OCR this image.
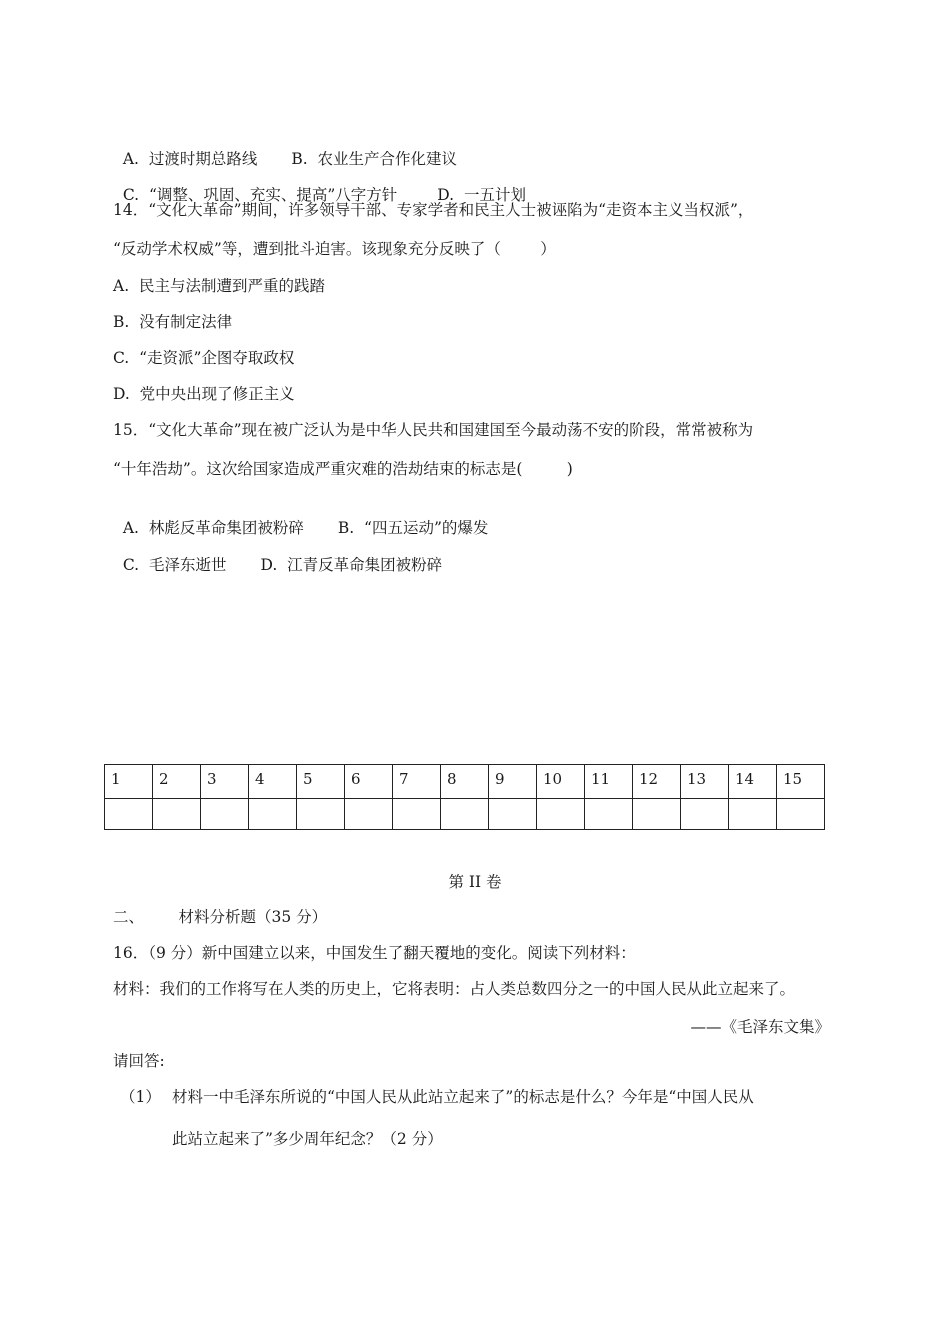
A.  过渡时期总路线 B.  农业生产合作化建议

C.  “调整、巩固、充实、提高”八字方针	D.  一五计划

14．“文化大革命”期间，许多领导干部、专家学者和民主人士被诬陷为“走资本主义当权派”，
“反动学术权威”等，遭到批斗迫害。该现象充分反映了（        ）
A.  民主与法制遭到严重的践踏
B.  没有制定法律
C.  “走资派”企图夺取政权
D.  党中央出现了修正主义
15．“文化大革命”现在被广泛认为是中华人民共和国建国至今最动荡不安的阶段，常常被称为
“十年浩劫”。这次给国家造成严重灾难的浩劫结束的标志是(         )

A.  林彪反革命集团被粉碎 B.  “四五运动”的爆发

C.  毛泽东逝世 D.  江青反革命集团被粉碎

1	2	3	4	5	6	7	8	9	10	11	12	13	14	15

第 II 卷
二、       材料分析题（35 分）
16．（9 分）新中国建立以来，中国发生了翻天覆地的变化。阅读下列材料：
材料：我们的工作将写在人类的历史上，它将表明：占人类总数四分之一的中国人民从此立起来了。
——《毛泽东文集》
请回答:
（1） 材料一中毛泽东所说的“中国人民从此站立起来了”的标志是什么？今年是“中国人民从
此站立起来了”多少周年纪念？（2 分）
